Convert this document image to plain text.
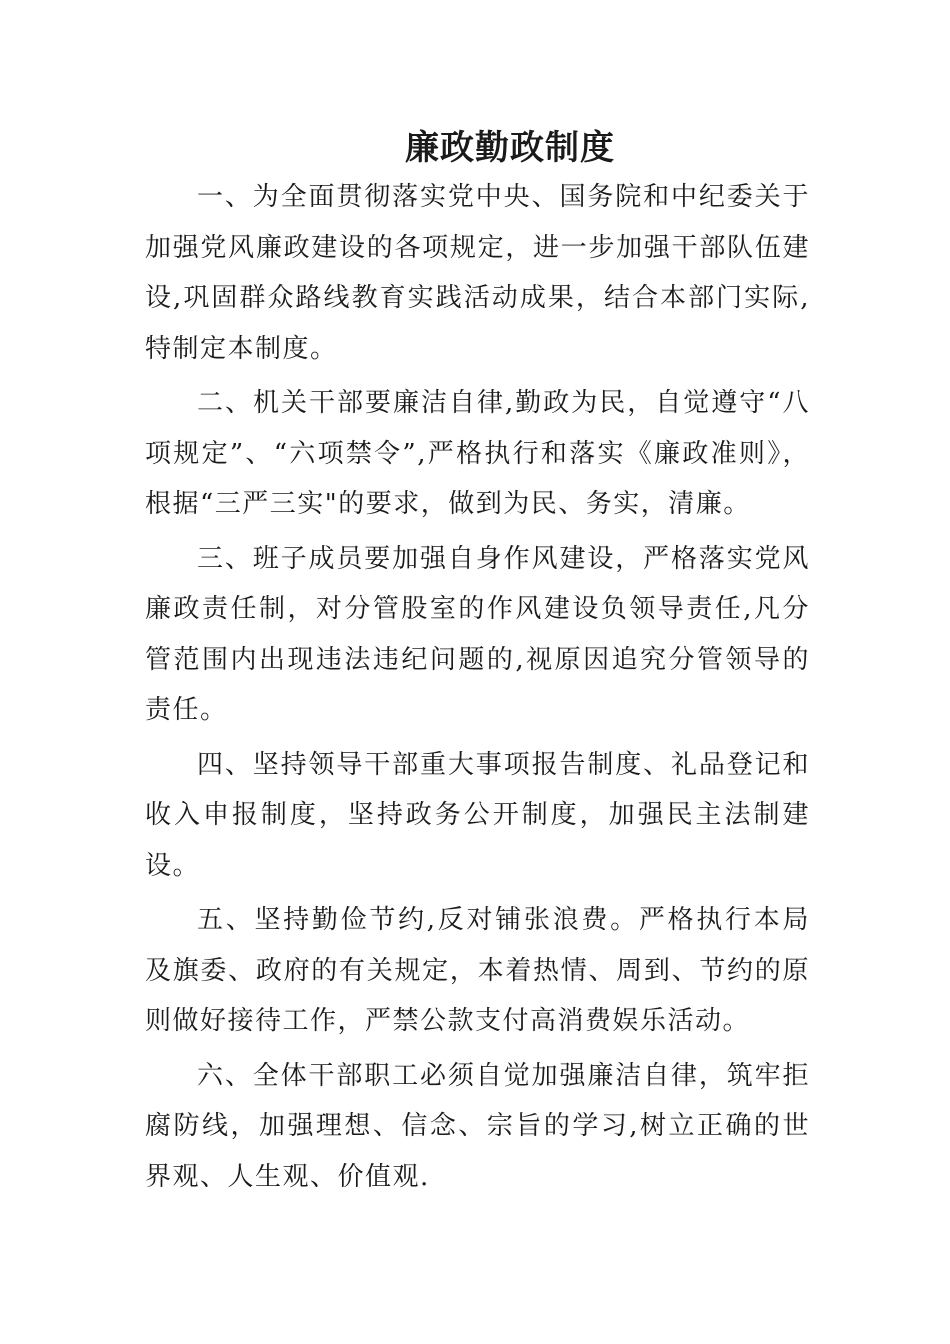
廉政勤政制度

一、为全面贯彻落实党中央、国务院和中纪委关于加强党风廉政建设的各项规定，进一步加强干部队伍建设,巩固群众路线教育实践活动成果，结合本部门实际,特制定本制度。

二、机关干部要廉洁自律,勤政为民，自觉遵守“八项规定”、“六项禁令”,严格执行和落实《廉政准则》，根据“三严三实"的要求，做到为民、务实，清廉。

三、班子成员要加强自身作风建设，严格落实党风廉政责任制，对分管股室的作风建设负领导责任,凡分管范围内出现违法违纪问题的,视原因追究分管领导的责任。

四、坚持领导干部重大事项报告制度、礼品登记和收入申报制度，坚持政务公开制度，加强民主法制建设。

五、坚持勤俭节约,反对铺张浪费。严格执行本局及旗委、政府的有关规定，本着热情、周到、节约的原则做好接待工作，严禁公款支付高消费娱乐活动。

六、全体干部职工必须自觉加强廉洁自律，筑牢拒腐防线，加强理想、信念、宗旨的学习,树立正确的世界观、人生观、价值观.
